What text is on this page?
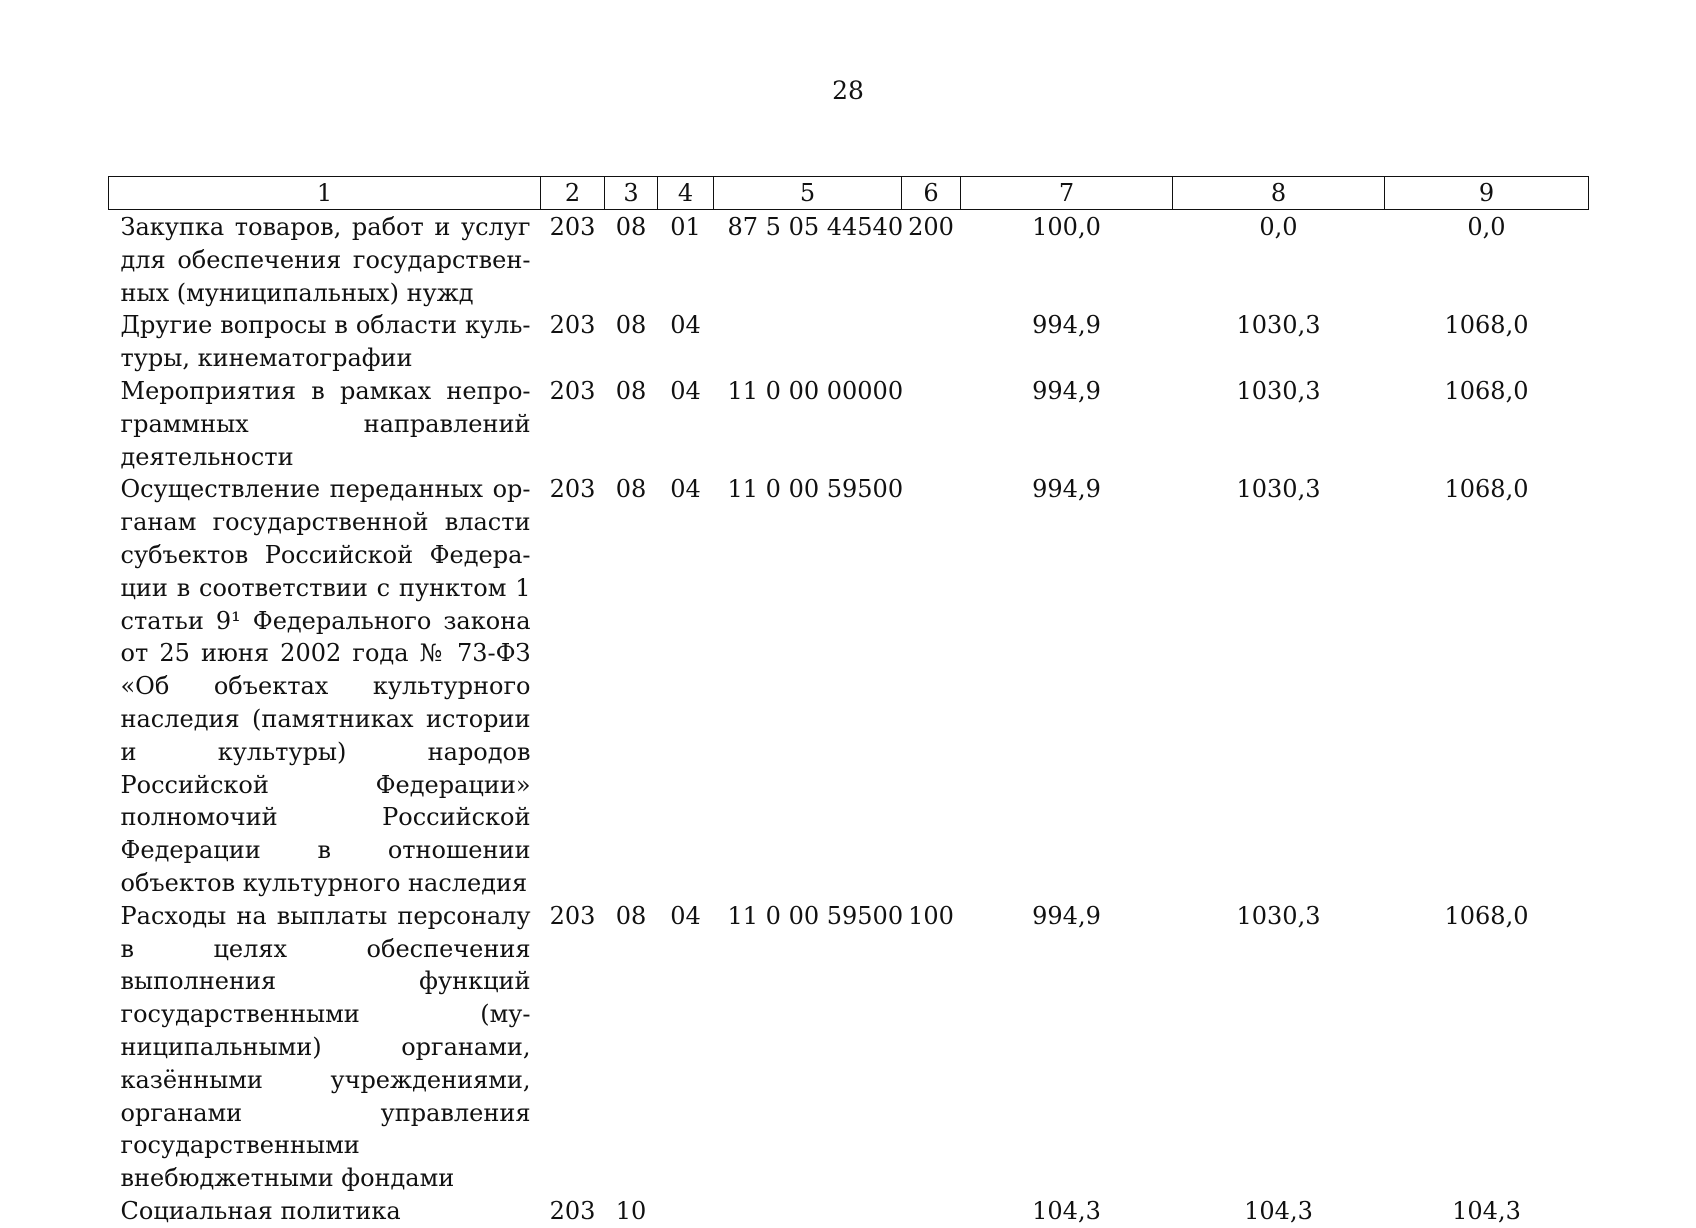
28
1	2	3	4	5	6	7	8	9
Закупка товаров, работ и услуг для обеспечения государственных (муниципальных) нужд	203	08	01	87 5 05 44540	200	100,0	0,0	0,0
Другие вопросы в области культуры, кинематографии	203	08	04			994,9	1030,3	1068,0
Мероприятия в рамках непрограммных направлений деятельности	203	08	04	11 0 00 00000		994,9	1030,3	1068,0
Осуществление переданных органам государственной власти субъектов Российской Федерации в соответствии с пунктом 1 статьи 9¹ Федерального закона от 25 июня 2002 года № 73-ФЗ «Об объектах культурного наследия (памятниках истории и культуры) народов Российской Федерации» полномочий Российской Федерации в отношении объектов культурного наследия	203	08	04	11 0 00 59500		994,9	1030,3	1068,0
Расходы на выплаты персоналу в целях обеспечения выполнения функций государственными (муниципальными) органами, казёнными учреждениями, органами управления государственными внебюджетными фондами	203	08	04	11 0 00 59500	100	994,9	1030,3	1068,0
Социальная политика	203	10				104,3	104,3	104,3
